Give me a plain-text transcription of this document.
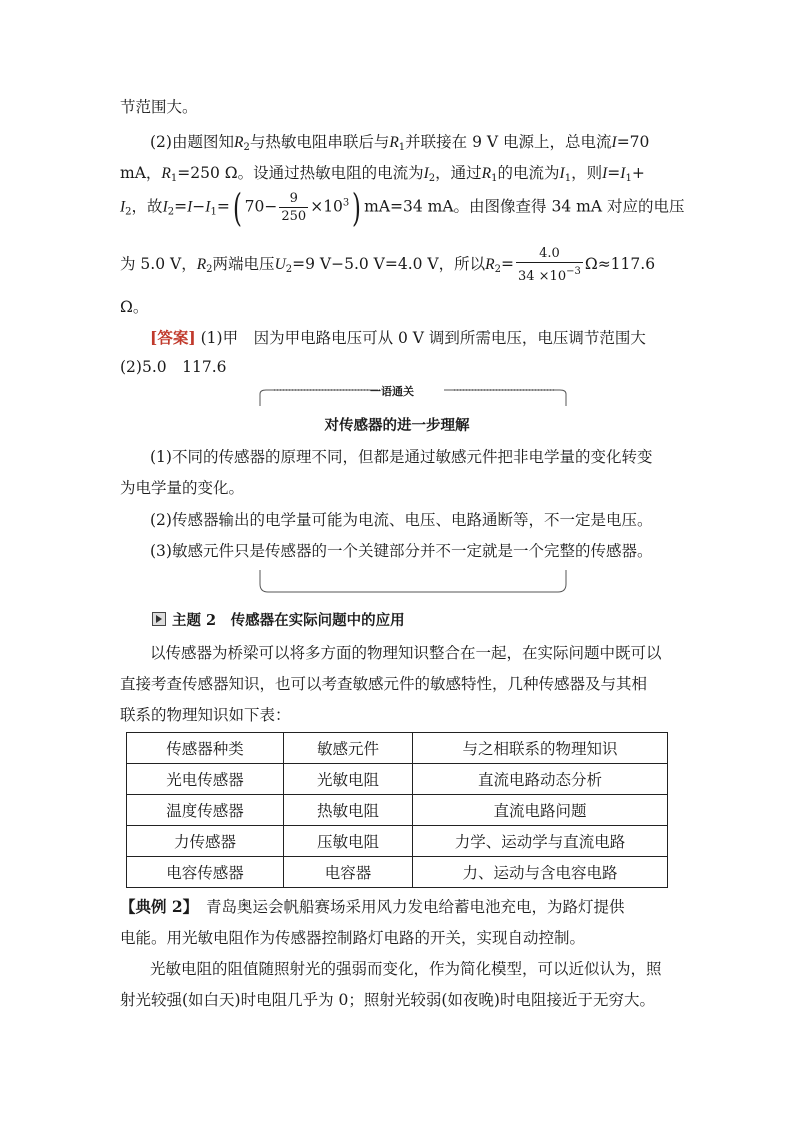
节范围大。
(2)由题图知$R_2$与热敏电阻串联后与$R_1$并联接在 9 V 电源上，总电流I=70
mA，$R_1=250$ Ω。设通过热敏电阻的电流为$I_2$，通过$R_1$的电流为$I_1$，则$I=I_1+$
$I_2$，故$I_2=I-I_1=$( $70- \frac{9}{250} \times 10^3$) mA=34 mA。由图像查得 34 mA 对应的电压
为 5.0 V，$R_2$两端电压$U_2=9$ V−5.0 V=4.0 V，所以$R_2= \frac{4.0}{34 \times 10^{-3}} \Omega\approx 117.6$
Ω。
[答案] (1)甲　因为甲电路电压可从 0 V 调到所需电压，电压调节范围大
(2)5.0　117.6
一语通关
对传感器的进一步理解
(1)不同的传感器的原理不同，但都是通过敏感元件把非电学量的变化转变
为电学量的变化。
(2)传感器输出的电学量可能为电流、电压、电路通断等，不一定是电压。
(3)敏感元件只是传感器的一个关键部分并不一定就是一个完整的传感器。
主题 2　传感器在实际问题中的应用
以传感器为桥梁可以将多方面的物理知识整合在一起，在实际问题中既可以
直接考查传感器知识，也可以考查敏感元件的敏感特性，几种传感器及与其相
联系的物理知识如下表：
传感器种类	敏感元件	与之相联系的物理知识
光电传感器	光敏电阻	直流电路动态分析
温度传感器	热敏电阻	直流电路问题
力传感器	压敏电阻	力学、运动学与直流电路
电容传感器	电容器	力、运动与含电容电路
【典例 2】　 青岛奥运会帆船赛场采用风力发电给蓄电池充电，为路灯提供
电能。用光敏电阻作为传感器控制路灯电路的开关，实现自动控制。
光敏电阻的阻值随照射光的强弱而变化，作为简化模型，可以近似认为，照
射光较强(如白天)时电阻几乎为 0；照射光较弱(如夜晚)时电阻接近于无穷大。
